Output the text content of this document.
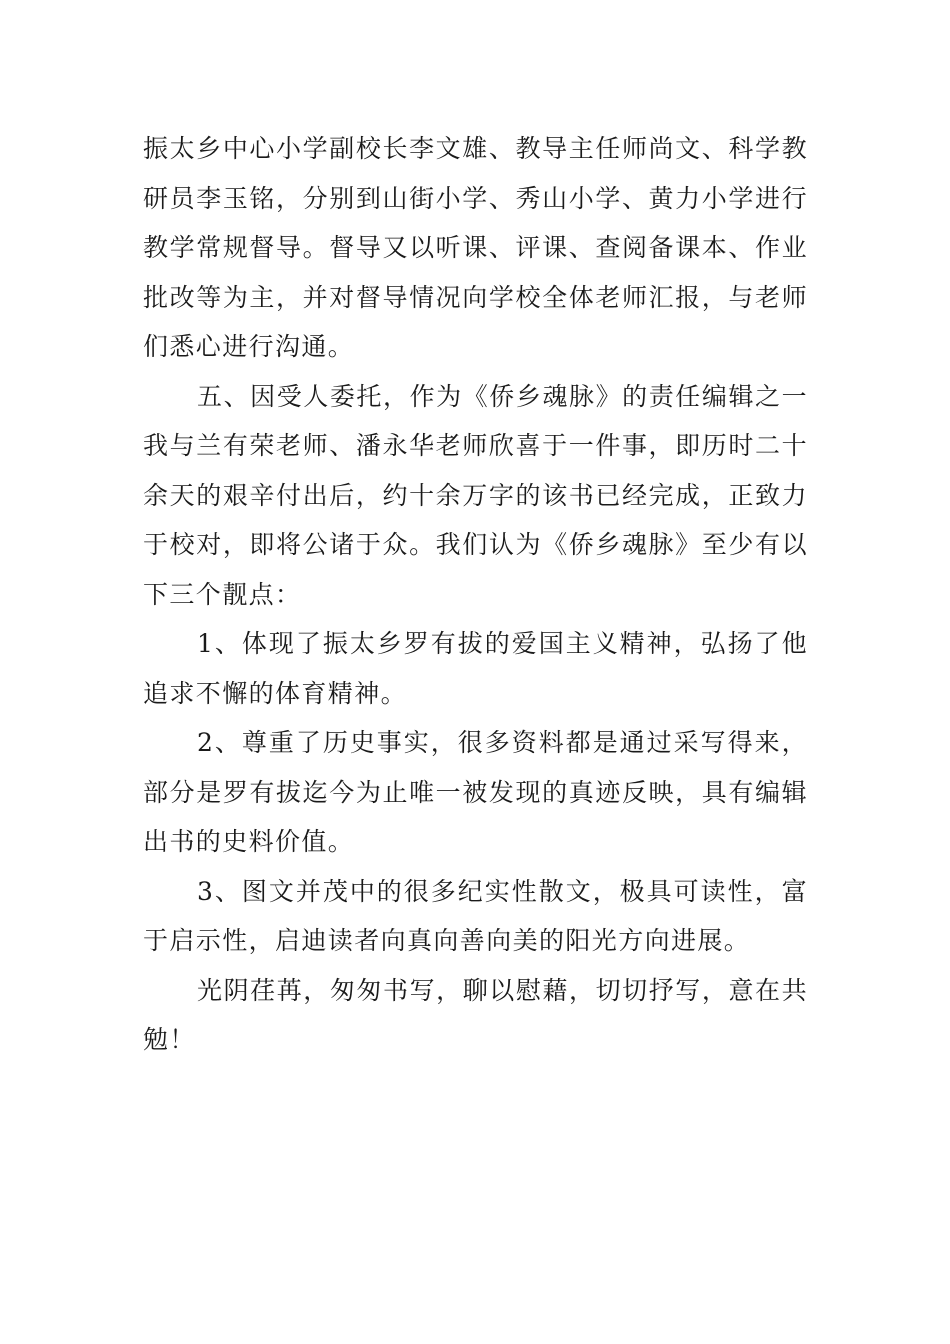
振太乡中心小学副校长李文雄、教导主任师尚文、科学教研员李玉铭，分别到山街小学、秀山小学、黄力小学进行教学常规督导。督导又以听课、评课、查阅备课本、作业批改等为主，并对督导情况向学校全体老师汇报，与老师们悉心进行沟通。

五、因受人委托，作为《侨乡魂脉》的责任编辑之一我与兰有荣老师、潘永华老师欣喜于一件事，即历时二十余天的艰辛付出后，约十余万字的该书已经完成，正致力于校对，即将公诸于众。我们认为《侨乡魂脉》至少有以下三个靓点：

1、体现了振太乡罗有拔的爱国主义精神，弘扬了他追求不懈的体育精神。

2、尊重了历史事实，很多资料都是通过采写得来，部分是罗有拔迄今为止唯一被发现的真迹反映，具有编辑出书的史料价值。

3、图文并茂中的很多纪实性散文，极具可读性，富于启示性，启迪读者向真向善向美的阳光方向进展。

光阴荏苒，匆匆书写，聊以慰藉，切切抒写，意在共勉！
